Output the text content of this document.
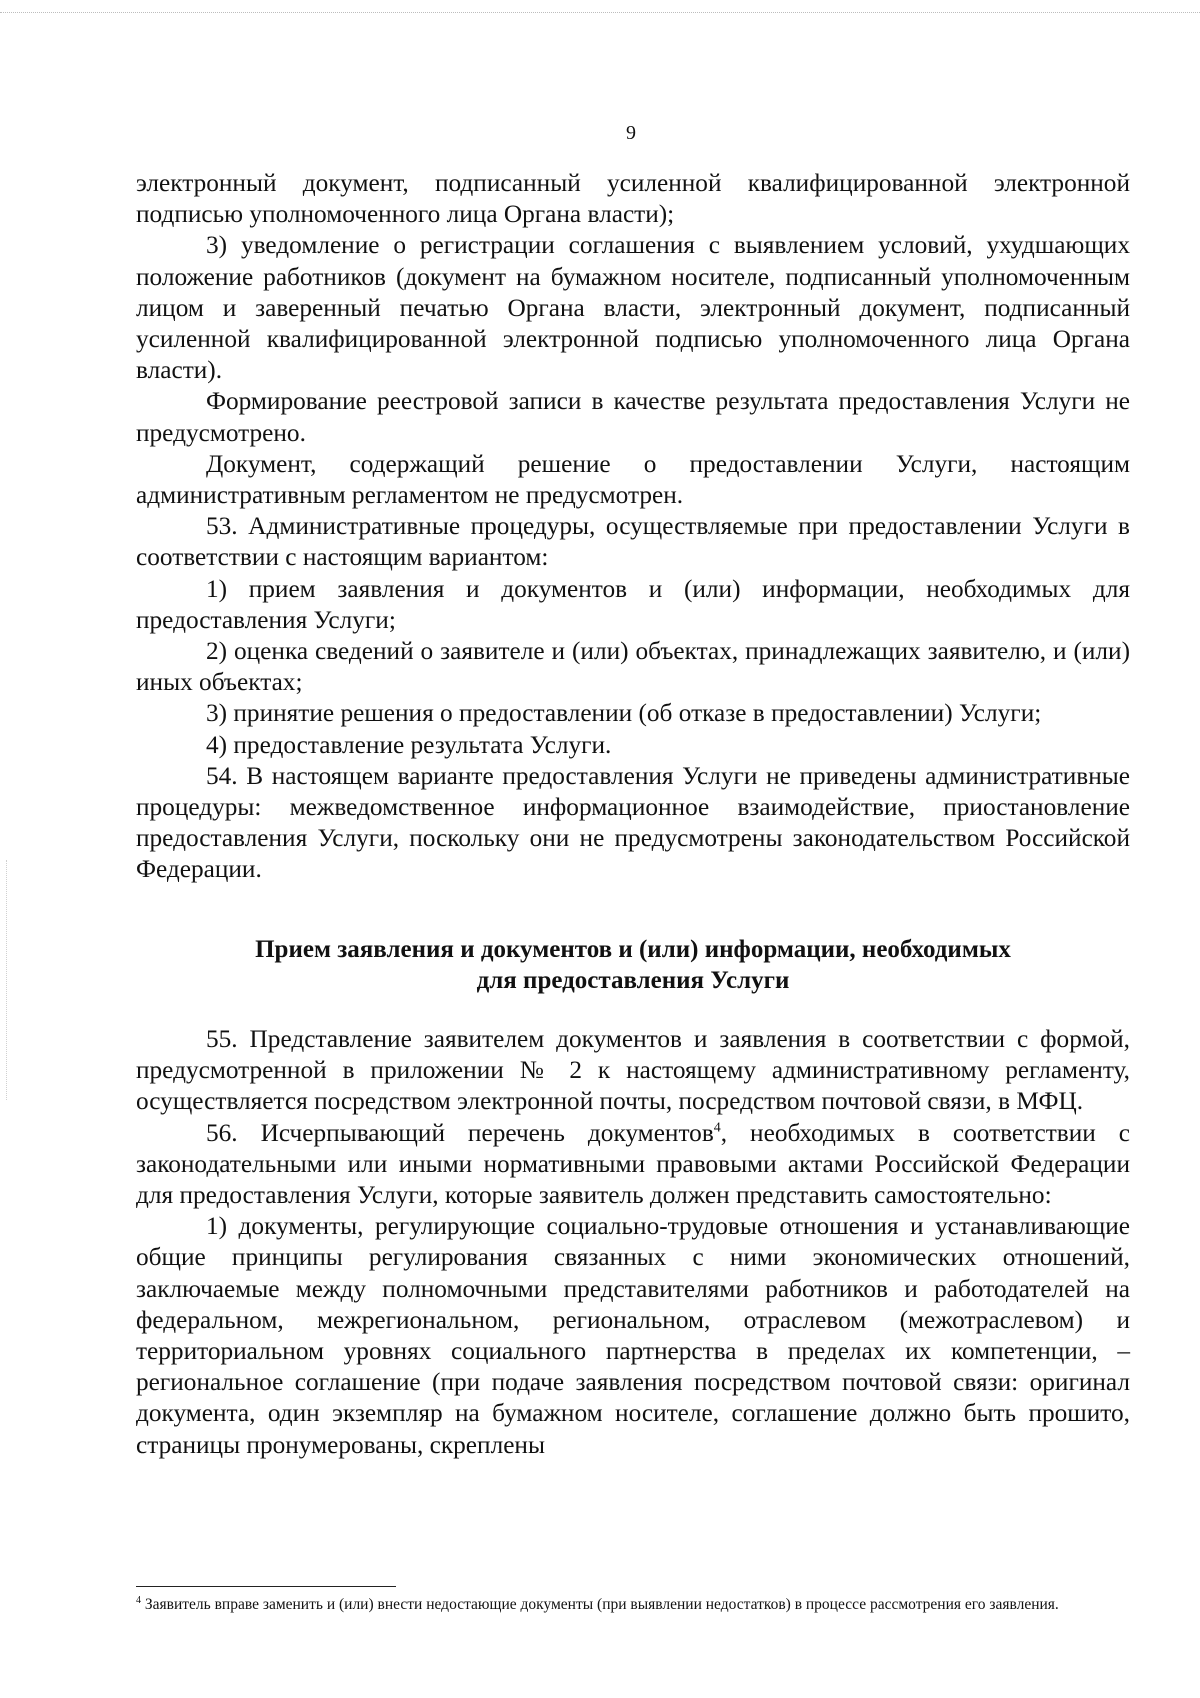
9

электронный документ, подписанный усиленной квалифицированной электронной подписью уполномоченного лица Органа власти);

3) уведомление о регистрации соглашения с выявлением условий, ухудшающих положение работников (документ на бумажном носителе, подписанный уполномоченным лицом и заверенный печатью Органа власти, электронный документ, подписанный усиленной квалифицированной электронной подписью уполномоченного лица Органа власти).

Формирование реестровой записи в качестве результата предоставления Услуги не предусмотрено.

Документ, содержащий решение о предоставлении Услуги, настоящим административным регламентом не предусмотрен.

53. Административные процедуры, осуществляемые при предоставлении Услуги в соответствии с настоящим вариантом:

1) прием заявления и документов и (или) информации, необходимых для предоставления Услуги;

2) оценка сведений о заявителе и (или) объектах, принадлежащих заявителю, и (или) иных объектах;

3) принятие решения о предоставлении (об отказе в предоставлении) Услуги;

4) предоставление результата Услуги.

54. В настоящем варианте предоставления Услуги не приведены административные процедуры: межведомственное информационное взаимодействие, приостановление предоставления Услуги, поскольку они не предусмотрены законодательством Российской Федерации.

Прием заявления и документов и (или) информации, необходимых
для предоставления Услуги

55. Представление заявителем документов и заявления в соответствии с формой, предусмотренной в приложении № 2 к настоящему административному регламенту, осуществляется посредством электронной почты, посредством почтовой связи, в МФЦ.

56. Исчерпывающий перечень документов$^4$, необходимых в соответствии с законодательными или иными нормативными правовыми актами Российской Федерации для предоставления Услуги, которые заявитель должен представить самостоятельно:

1) документы, регулирующие социально-трудовые отношения и устанавливающие общие принципы регулирования связанных с ними экономических отношений, заключаемые между полномочными представителями работников и работодателей на федеральном, межрегиональном, региональном, отраслевом (межотраслевом) и территориальном уровнях социального партнерства в пределах их компетенции, – региональное соглашение (при подаче заявления посредством почтовой связи: оригинал документа, один экземпляр на бумажном носителе, соглашение должно быть прошито, страницы пронумерованы, скреплены

$^4$ Заявитель вправе заменить и (или) внести недостающие документы (при выявлении недостатков) в процессе рассмотрения его заявления.
